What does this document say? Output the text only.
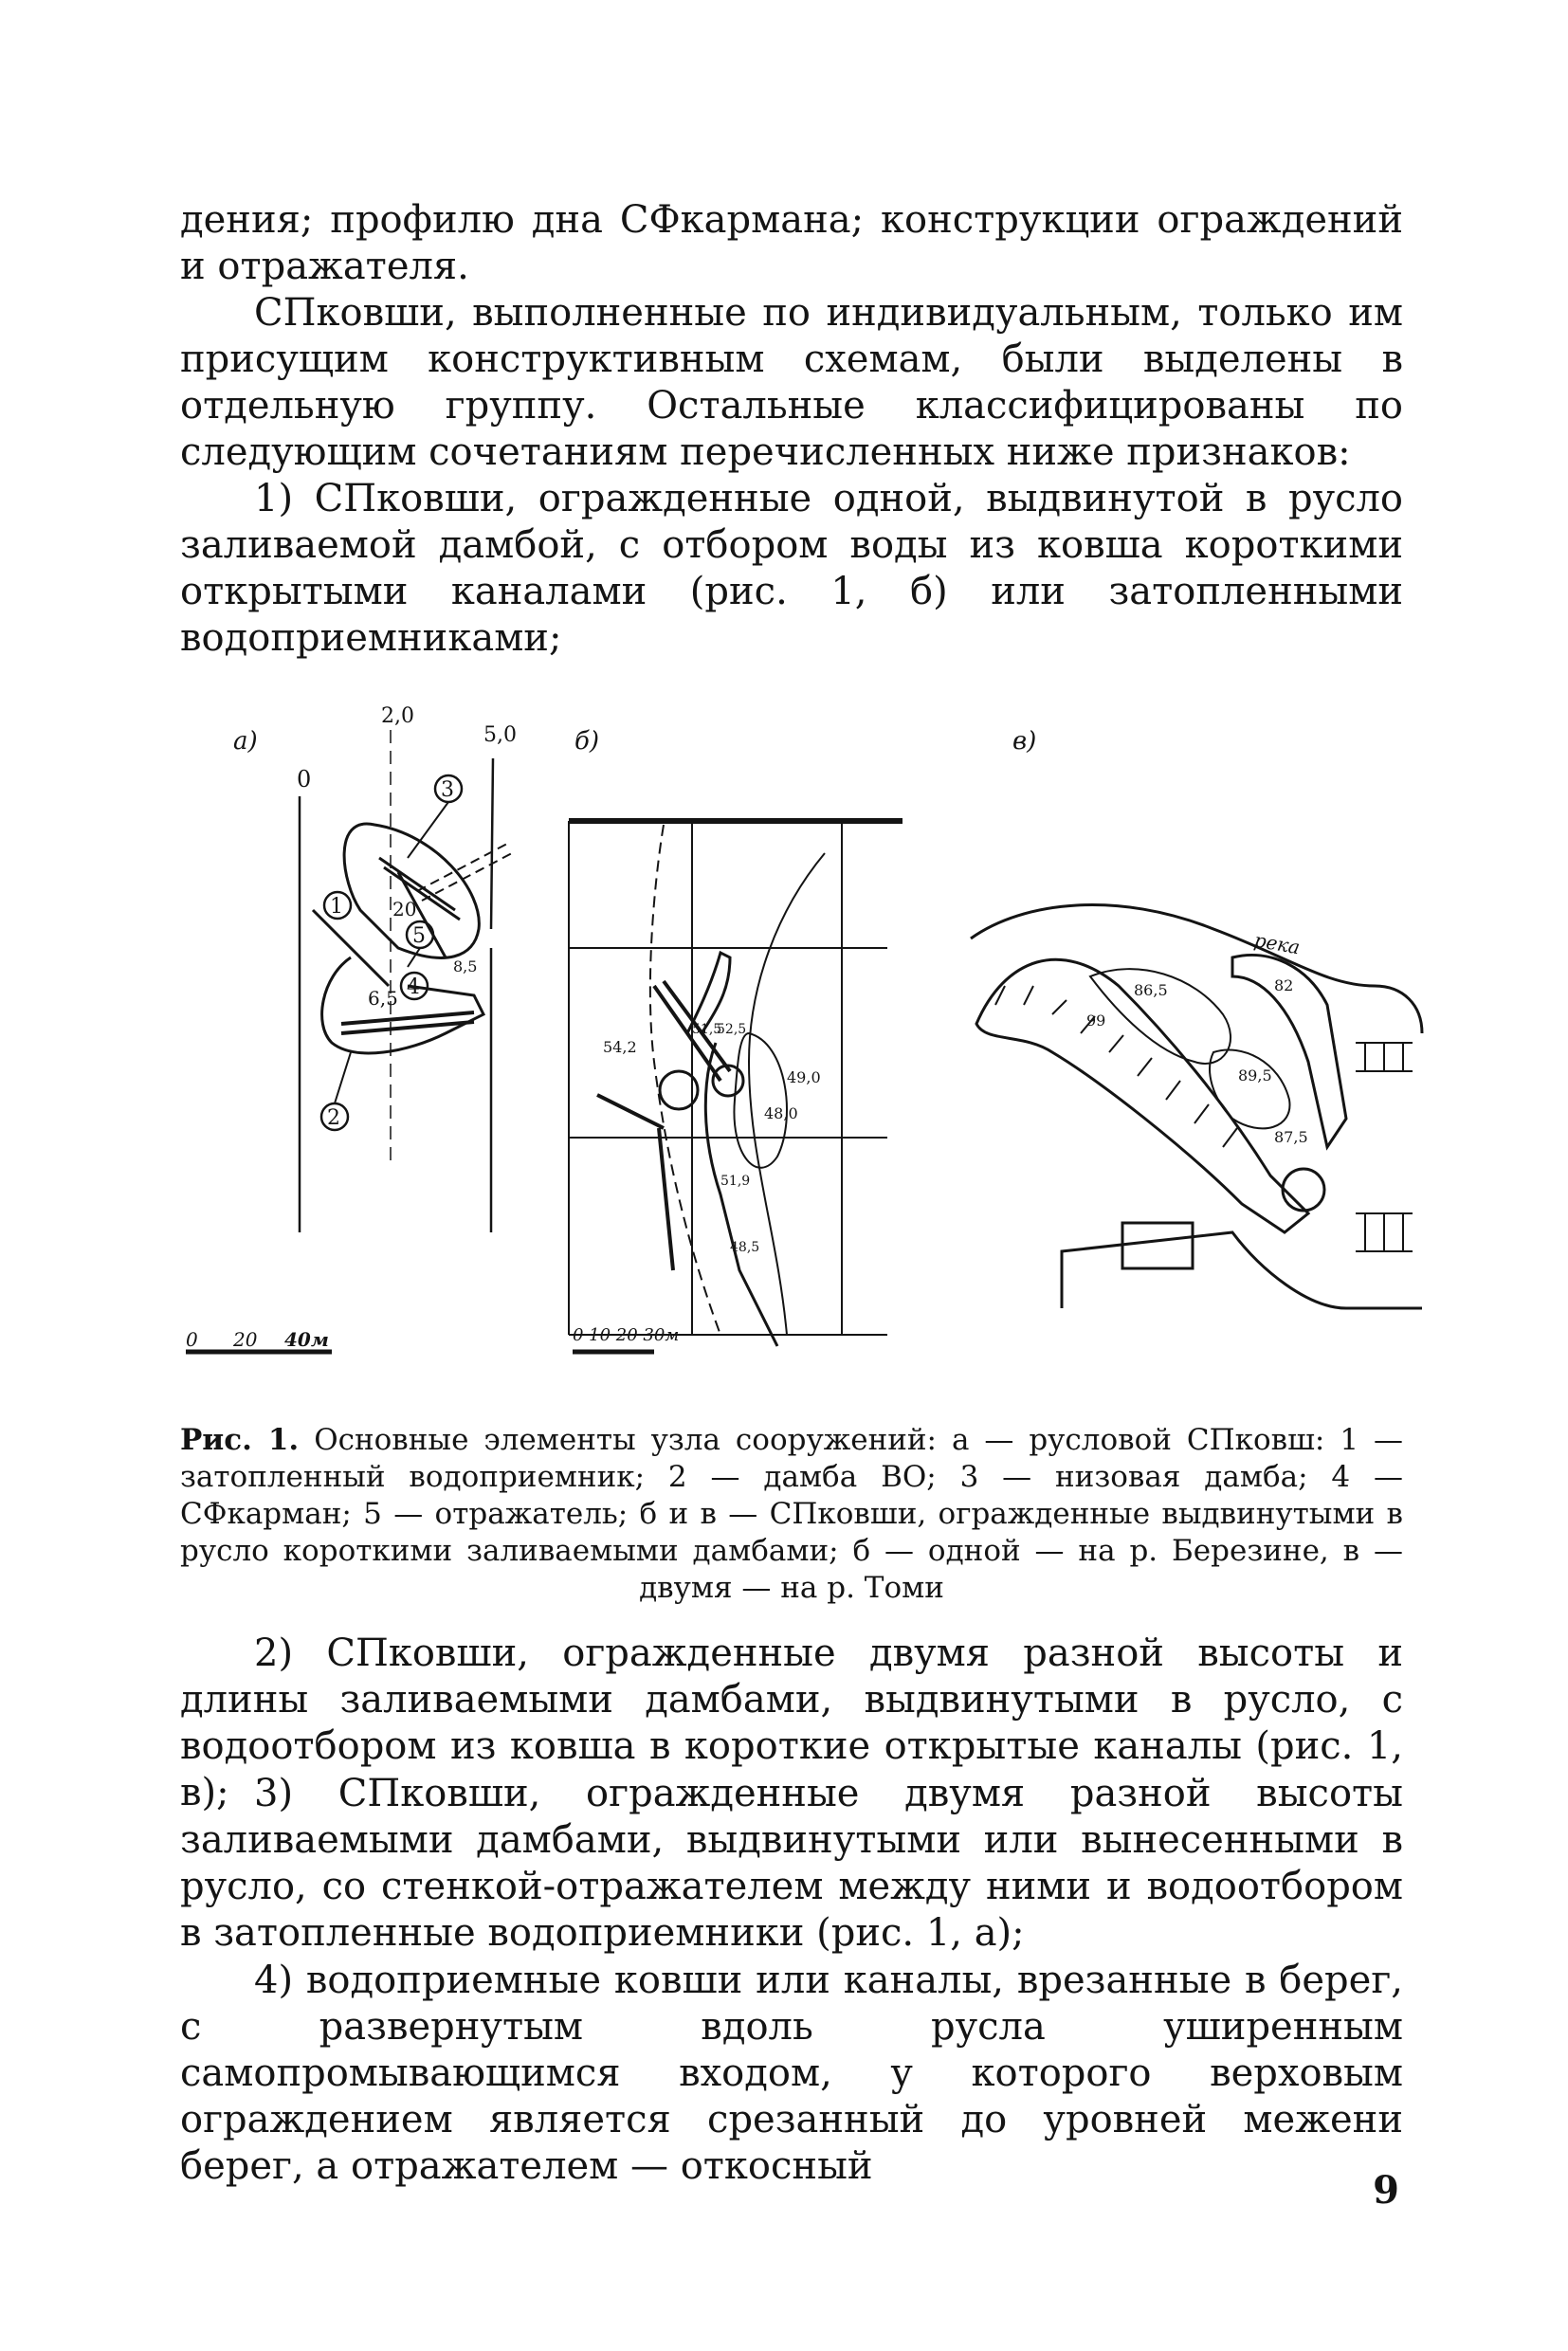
дения; профилю дна СФкармана; конструкции ограждений и отражателя.

СПковши, выполненные по индивидуальным, только им присущим конструктивным схемам, были выделены в отдельную группу. Остальные классифицированы по следующим сочетаниям перечисленных ниже признаков:

1) СПковши, огражденные одной, выдвинутой в русло заливаемой дамбой, с отбором воды из ковша короткими открытыми каналами (рис. 1, б) или затопленными водоприемниками;

а)
0
2,0
5,0
1
2
3
4
5
20
6,5
8,5
0 20 40м
б)
54,2
49,0
48,0
48,5
51,5
52,5
51,9
0 10 20 30м
в)
река
86,5	82
99
89,5
87,5

Рис. 1. Основные элементы узла сооружений: а — русловой СПковш: 1 — затопленный водоприемник; 2 — дамба ВО; 3 — низовая дамба; 4 — СФкарман; 5 — отражатель; б и в — СПковши, огражденные выдвинутыми в русло короткими заливаемыми дамбами; б — одной — на р. Березине, в — двумя — на р. Томи

2) СПковши, огражденные двумя разной высоты и длины заливаемыми дамбами, выдвинутыми в русло, с водоотбором из ковша в короткие открытые каналы (рис. 1, в); 3) СПковши, огражденные двумя разной высоты заливаемыми дамбами, выдвинутыми или вынесенными в русло, со стенкой-отражателем между ними и водоотбором в затопленные водоприемники (рис. 1, а);

4) водоприемные ковши или каналы, врезанные в берег, с развернутым вдоль русла уширенным самопромывающимся входом, у которого верховым ограждением является срезанный до уровней межени берег, а отражателем — откосный

9
